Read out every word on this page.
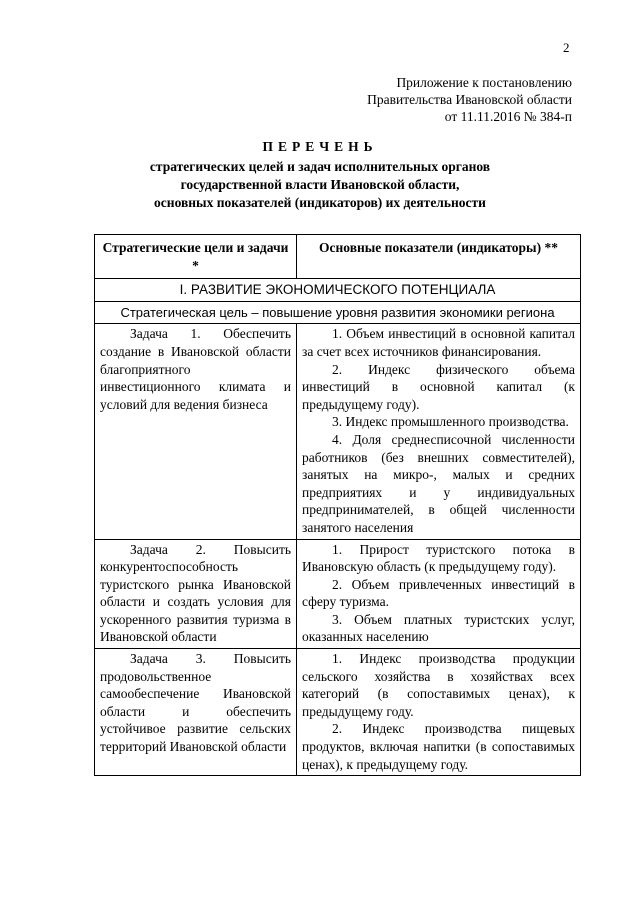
2
Приложение к постановлению
Правительства Ивановской области
от 11.11.2016 № 384-п
ПЕРЕЧЕНЬ
стратегических целей и задач исполнительных органов
государственной власти Ивановской области,
основных показателей (индикаторов) их деятельности
Стратегические цели и задачи *	Основные показатели (индикаторы) **
I. РАЗВИТИЕ ЭКОНОМИЧЕСКОГО ПОТЕНЦИАЛА	
Стратегическая цель – повышение уровня развития экономики региона	
Задача 1. Обеспечить создание в Ивановской области благоприятного инвестиционного климата и условий для ведения бизнеса	1. Объем инвестиций в основной капитал за счет всех источников финансирования.

2. Индекс физического объема инвестиций в основной капитал (к предыдущему году).

3. Индекс промышленного производства.

4. Доля среднесписочной численности работников (без внешних совместителей), занятых на микро-, малых и средних предприятиях и у индивидуальных предпринимателей, в общей численности занятого населения

Задача 2. Повысить конкурентоспособность туристского рынка Ивановской области и создать условия для ускоренного развития туризма в Ивановской области	1. Прирост туристского потока в Ивановскую область (к предыдущему году).

2. Объем привлеченных инвестиций в сферу туризма.

3. Объем платных туристских услуг, оказанных населению

Задача 3. Повысить продовольственное самообеспечение Ивановской области и обеспечить устойчивое развитие сельских территорий Ивановской области	1. Индекс производства продукции сельского хозяйства в хозяйствах всех категорий (в сопоставимых ценах), к предыдущему году.

2. Индекс производства пищевых продуктов, включая напитки (в сопоставимых ценах), к предыдущему году.
